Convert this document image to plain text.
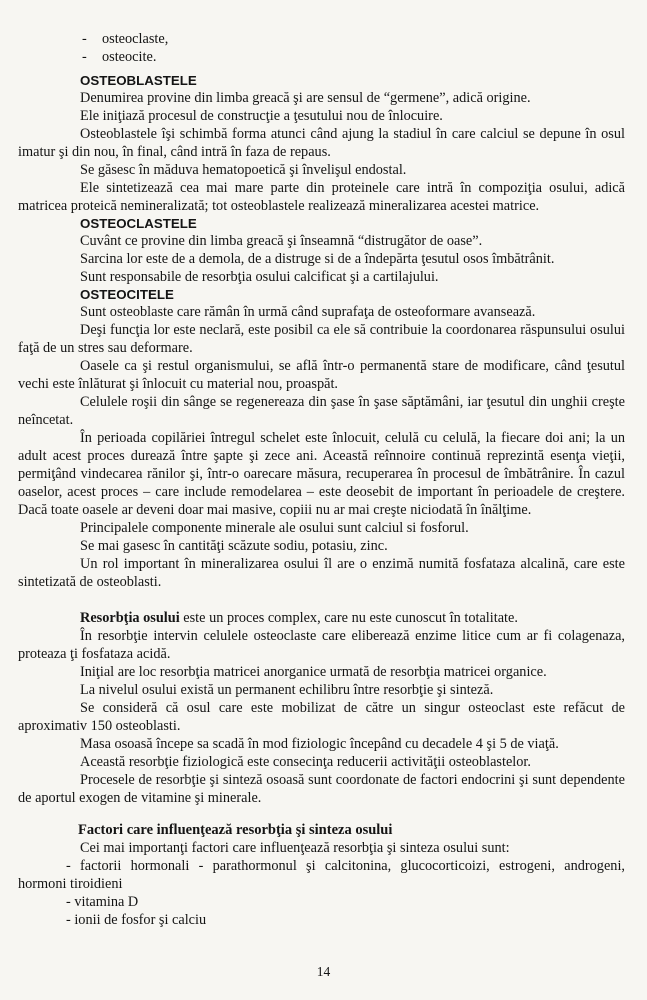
- osteoclaste,
- osteocite.
OSTEOBLASTELE

Denumirea provine din limba greacă şi are sensul de “germene”, adică origine.

Ele iniţiază procesul de construcţie a ţesutului nou de înlocuire.

Osteoblastele îşi schimbă forma atunci când ajung la stadiul în care calciul se depune în osul imatur şi din nou, în final, când intră în faza de repaus.

Se găsesc în măduva hematopoetică şi învelişul endostal.

Ele sintetizează cea mai mare parte din proteinele care intră în compoziţia osului, adică matricea proteică nemineralizată; tot osteoblastele realizează mineralizarea acestei matrice.

OSTEOCLASTELE

Cuvânt ce provine din limba greacă şi înseamnă “distrugător de oase”.

Sarcina lor este de a demola, de a distruge si de a îndepărta ţesutul osos îmbătrânit.

Sunt responsabile de resorbţia osului calcificat şi a cartilajului.

OSTEOCITELE

Sunt osteoblaste care rămân în urmă când suprafaţa de osteoformare avansează.

Deşi funcţia lor este neclară, este posibil ca ele să contribuie la coordonarea răspunsului osului faţă de un stres sau deformare.

Oasele ca şi restul organismului, se află într-o permanentă stare de modificare, când ţesutul vechi este înlăturat şi înlocuit cu material nou, proaspăt.

Celulele roşii din sânge se regenereaza din şase în şase săptămâni, iar ţesutul din unghii creşte neîncetat.

În perioada copilăriei întregul schelet este înlocuit, celulă cu celulă, la fiecare doi ani; la un adult acest proces durează între şapte şi zece ani. Această reînnoire continuă reprezintă esenţa vieţii, permiţând vindecarea rănilor şi, într-o oarecare măsura, recuperarea în procesul de îmbătrânire. În cazul oaselor, acest proces – care include remodelarea – este deosebit de important în perioadele de creştere. Dacă toate oasele ar deveni doar mai masive, copiii nu ar mai creşte niciodată în înălţime.

Principalele componente minerale ale osului sunt calciul si fosforul.

Se mai gasesc în cantităţi scăzute sodiu, potasiu, zinc.

Un rol important în mineralizarea osului îl are o enzimă numită fosfataza alcalină, care este sintetizată de osteoblasti.

Resorbţia osului este un proces complex, care nu este cunoscut în totalitate.

În resorbţie intervin celulele osteoclaste care eliberează enzime litice cum ar fi colagenaza, proteaza ţi fosfataza acidă.

Iniţial are loc resorbţia matricei anorganice urmată de resorbţia matricei organice.

La nivelul osului există un permanent echilibru între resorbţie şi sinteză.

Se consideră că osul care este mobilizat de către un singur osteoclast este refăcut de aproximativ 150 osteoblasti.

Masa osoasă începe sa scadă în mod fiziologic începând cu decadele 4 şi 5 de viaţă.

Această resorbţie fiziologică este consecinţa reducerii activităţii osteoblastelor.

Procesele de resorbţie şi sinteză osoasă sunt coordonate de factori endocrini şi sunt dependente de aportul exogen de vitamine şi minerale.

Factori care influenţează resorbţia şi sinteza osului

Cei mai importanţi factori care influenţează resorbţia şi sinteza osului sunt:

- factorii hormonali - parathormonul şi calcitonina, glucocorticoizi, estrogeni, androgeni, hormoni tiroidieni

- vitamina D

- ionii de fosfor şi calciu

14
